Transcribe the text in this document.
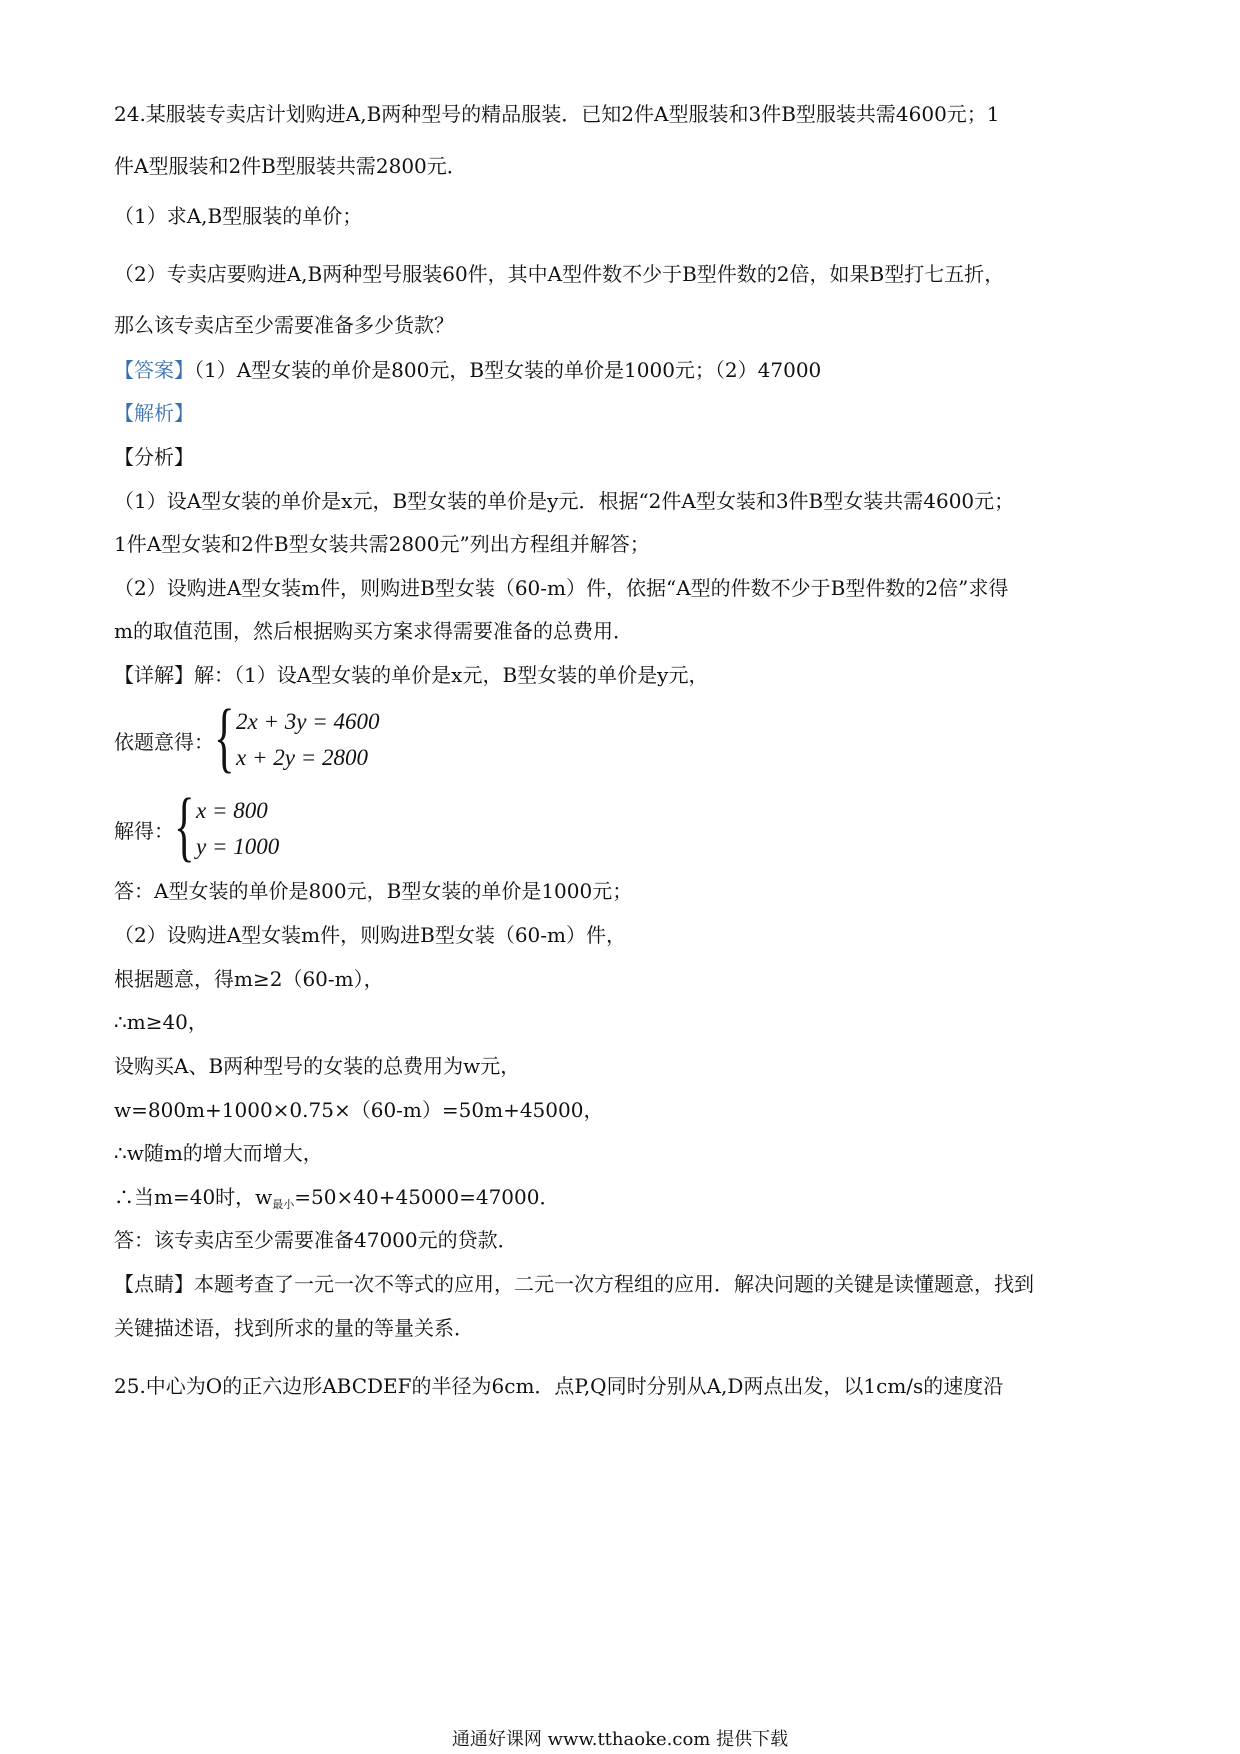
24.某服装专卖店计划购进A,B两种型号的精品服装．已知2件A型服装和3件B型服装共需4600元；1
件A型服装和2件B型服装共需2800元．
（1）求A,B型服装的单价；
（2）专卖店要购进A,B两种型号服装60件，其中A型件数不少于B型件数的2倍，如果B型打七五折，
那么该专卖店至少需要准备多少货款？
【答案】（1）A型女装的单价是800元，B型女装的单价是1000元；（2）47000
【解析】
【分析】
（1）设A型女装的单价是x元，B型女装的单价是y元．根据“2件A型女装和3件B型女装共需4600元；
1件A型女装和2件B型女装共需2800元”列出方程组并解答；
（2）设购进A型女装m件，则购进B型女装（60-m）件，依据“A型的件数不少于B型件数的2倍”求得
m的取值范围，然后根据购买方案求得需要准备的总费用．
【详解】解：（1）设A型女装的单价是x元，B型女装的单价是y元，
依题意得： { 2x + 3y = 4600
x + 2y = 2800
解得： { x = 800
y = 1000
答：A型女装的单价是800元，B型女装的单价是1000元；
（2）设购进A型女装m件，则购进B型女装（60-m）件，
根据题意，得m≥2（60-m），
∴m≥40，
设购买A、B两种型号的女装的总费用为w元，
w=800m+1000×0.75×（60-m）=50m+45000，
∴w随m的增大而增大，
∴当m=40时，$w_{最小}=50\times 40+45000=47000$．
答：该专卖店至少需要准备47000元的贷款．
【点睛】本题考查了一元一次不等式的应用，二元一次方程组的应用．解决问题的关键是读懂题意，找到
关键描述语，找到所求的量的等量关系．
25.中心为O的正六边形ABCDEF的半径为6cm．点P,Q同时分别从A,D两点出发，以1cm/s的速度沿
通通好课网 www.tthaoke.com 提供下载
